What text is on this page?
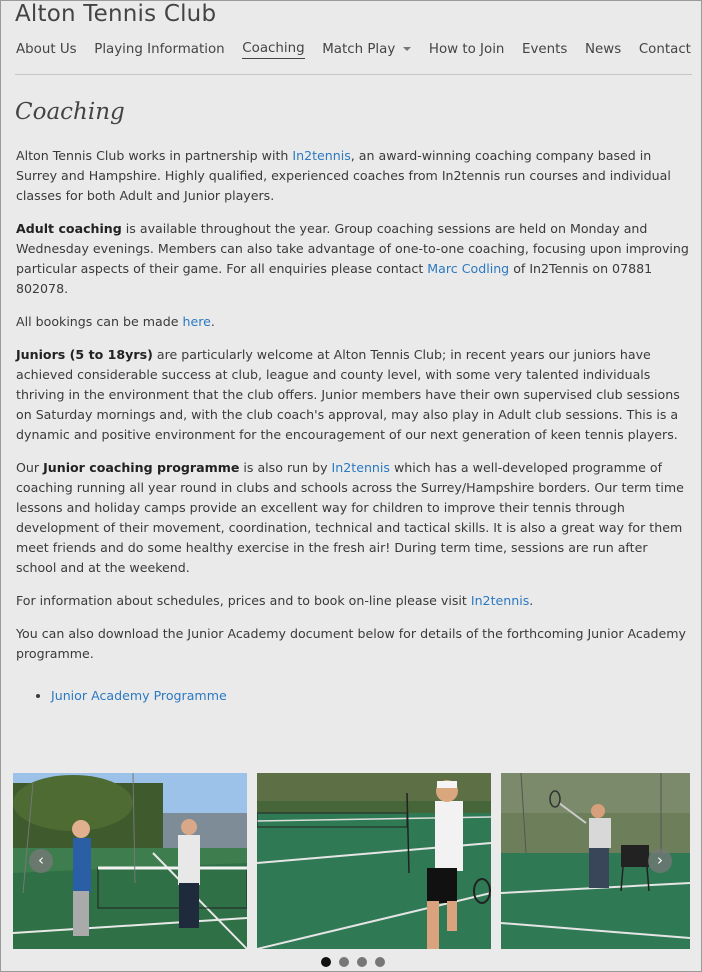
Alton Tennis Club
About Us Playing Information Coaching Match Play	How to Join Events News Contact
Coaching

Alton Tennis Club works in partnership with In2tennis, an award-winning coaching company based in Surrey and Hampshire. Highly qualified, experienced coaches from In2tennis run courses and individual classes for both Adult and Junior players.

Adult coaching is available throughout the year. Group coaching sessions are held on Monday and Wednesday evenings. Members can also take advantage of one-to-one coaching, focusing upon improving particular aspects of their game. For all enquiries please contact Marc Codling of In2Tennis on 07881 802078.

All bookings can be made here.

Juniors (5 to 18yrs) are particularly welcome at Alton Tennis Club; in recent years our juniors have achieved considerable success at club, league and county level, with some very talented individuals thriving in the environment that the club offers. Junior members have their own supervised club sessions on Saturday mornings and, with the club coach's approval, may also play in Adult club sessions. This is a dynamic and positive environment for the encouragement of our next generation of keen tennis players.

Our Junior coaching programme is also run by In2tennis which has a well-developed programme of coaching running all year round in clubs and schools across the Surrey/Hampshire borders. Our term time lessons and holiday camps provide an excellent way for children to improve their tennis through development of their movement, coordination, technical and tactical skills. It is also a great way for them meet friends and do some healthy exercise in the fresh air! During term time, sessions are run after school and at the weekend.

For information about schedules, prices and to book on-line please visit In2tennis.

You can also download the Junior Academy document below for details of the forthcoming Junior Academy programme.

• Junior Academy Programme
‹	›
